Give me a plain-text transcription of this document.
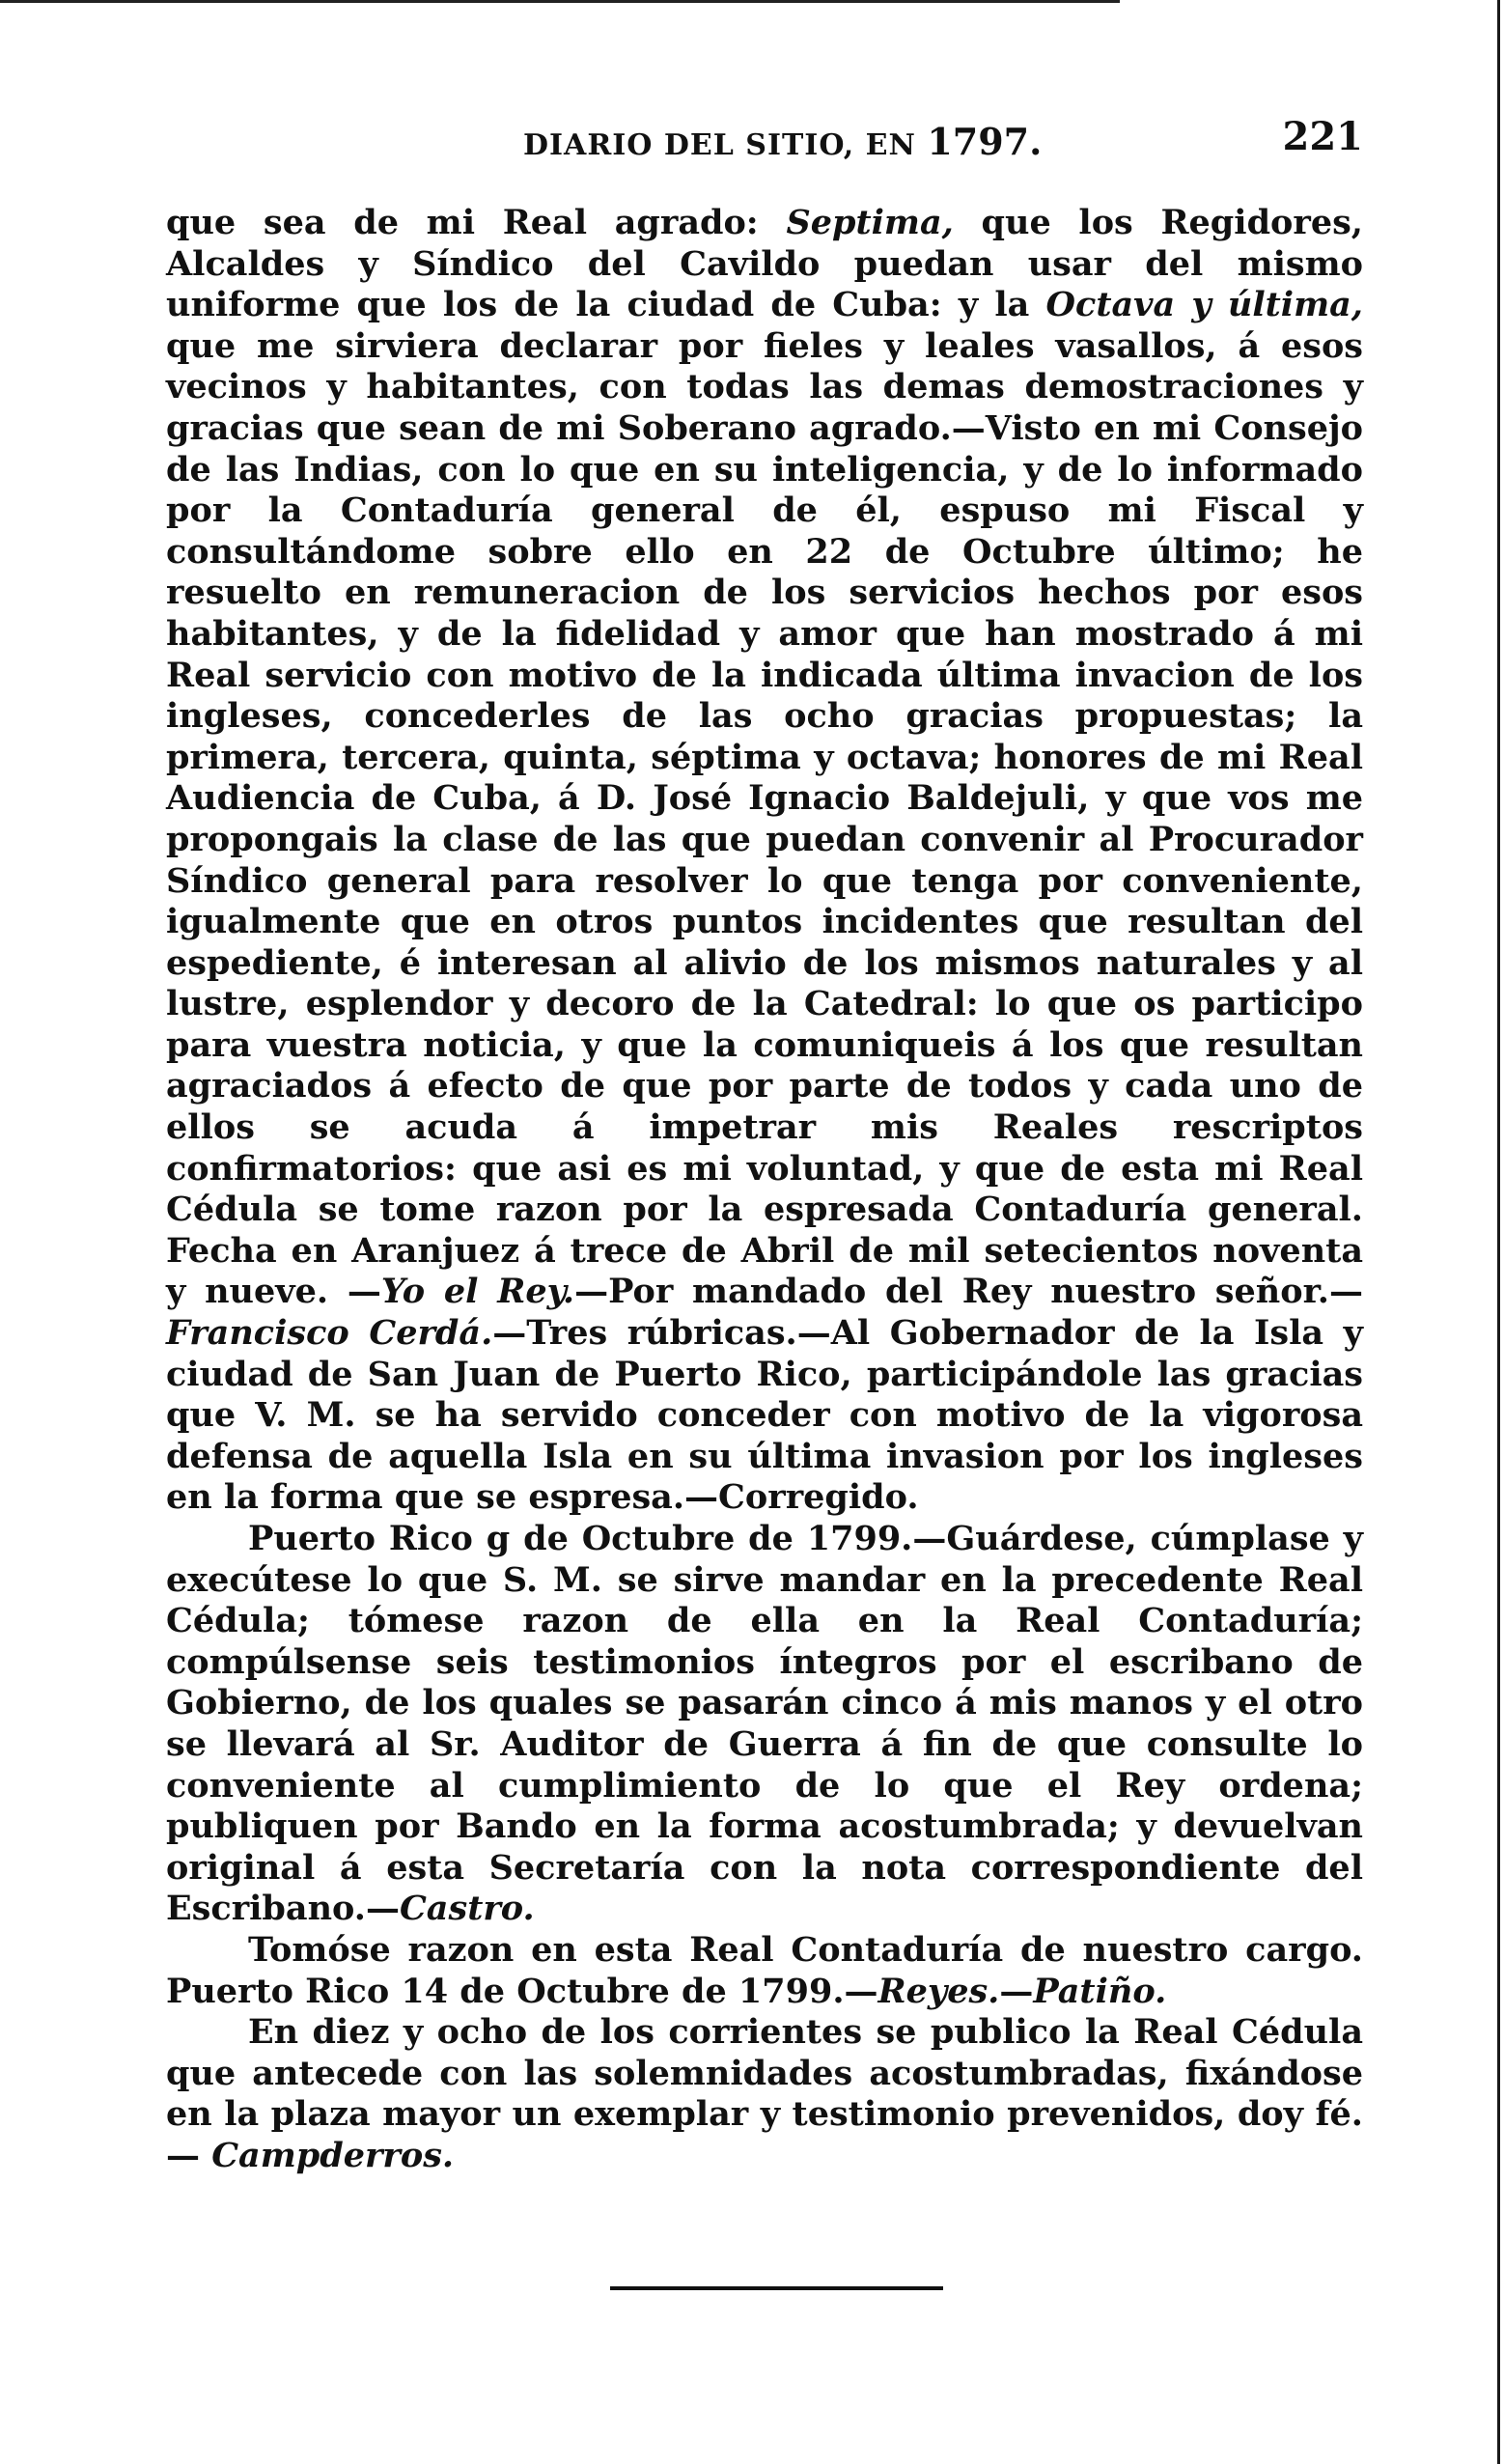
DIARIO DEL SITIO, EN 1797.	221

que sea de mi Real agrado: Septima, que los Regidores, Alcaldes y Síndico del Cavildo puedan usar del mismo uniforme que los de la ciudad de Cuba: y la Octava y última, que me sirviera declarar por fieles y leales vasallos, á esos vecinos y habitantes, con todas las demas demostraciones y gracias que sean de mi Soberano agrado.—Visto en mi Consejo de las Indias, con lo que en su inteligencia, y de lo informado por la Contaduría general de él, espuso mi Fiscal y consultándome sobre ello en 22 de Octubre último; he resuelto en remuneracion de los servicios hechos por esos habitantes, y de la fidelidad y amor que han mostrado á mi Real servicio con motivo de la indicada última invacion de los ingleses, concederles de las ocho gracias propuestas; la primera, tercera, quinta, séptima y octava; honores de mi Real Audiencia de Cuba, á D. José Ignacio Baldejuli, y que vos me propongais la clase de las que puedan convenir al Procurador Síndico general para resolver lo que tenga por conveniente, igualmente que en otros puntos incidentes que resultan del espediente, é interesan al alivio de los mismos naturales y al lustre, esplendor y decoro de la Catedral: lo que os participo para vuestra noticia, y que la comuniqueis á los que resultan agraciados á efecto de que por parte de todos y cada uno de ellos se acuda á impetrar mis Reales rescriptos confirmatorios: que asi es mi voluntad, y que de esta mi Real Cédula se tome razon por la espresada Contaduría general. Fecha en Aranjuez á trece de Abril de mil setecientos noventa y nueve. —Yo el Rey.—Por mandado del Rey nuestro señor.—Francisco Cerdá.—Tres rúbricas.—Al Gobernador de la Isla y ciudad de San Juan de Puerto Rico, participándole las gracias que V. M. se ha servido conceder con motivo de la vigorosa defensa de aquella Isla en su última invasion por los ingleses en la forma que se espresa.—Corregido.

Puerto Rico g de Octubre de 1799.—Guárdese, cúmplase y execútese lo que S. M. se sirve mandar en la precedente Real Cédula; tómese razon de ella en la Real Contaduría; compúlsense seis testimonios íntegros por el escribano de Gobierno, de los quales se pasarán cinco á mis manos y el otro se llevará al Sr. Auditor de Guerra á fin de que consulte lo conveniente al cumplimiento de lo que el Rey ordena; publiquen por Bando en la forma acostumbrada; y devuelvan original á esta Secretaría con la nota correspondiente del Escribano.—Castro.

Tomóse razon en esta Real Contaduría de nuestro cargo. Puerto Rico 14 de Octubre de 1799.—Reyes.—Patiño.

En diez y ocho de los corrientes se publico la Real Cédula que antecede con las solemnidades acostumbradas, fixándose en la plaza mayor un exemplar y testimonio prevenidos, doy fé.— Campderros.
